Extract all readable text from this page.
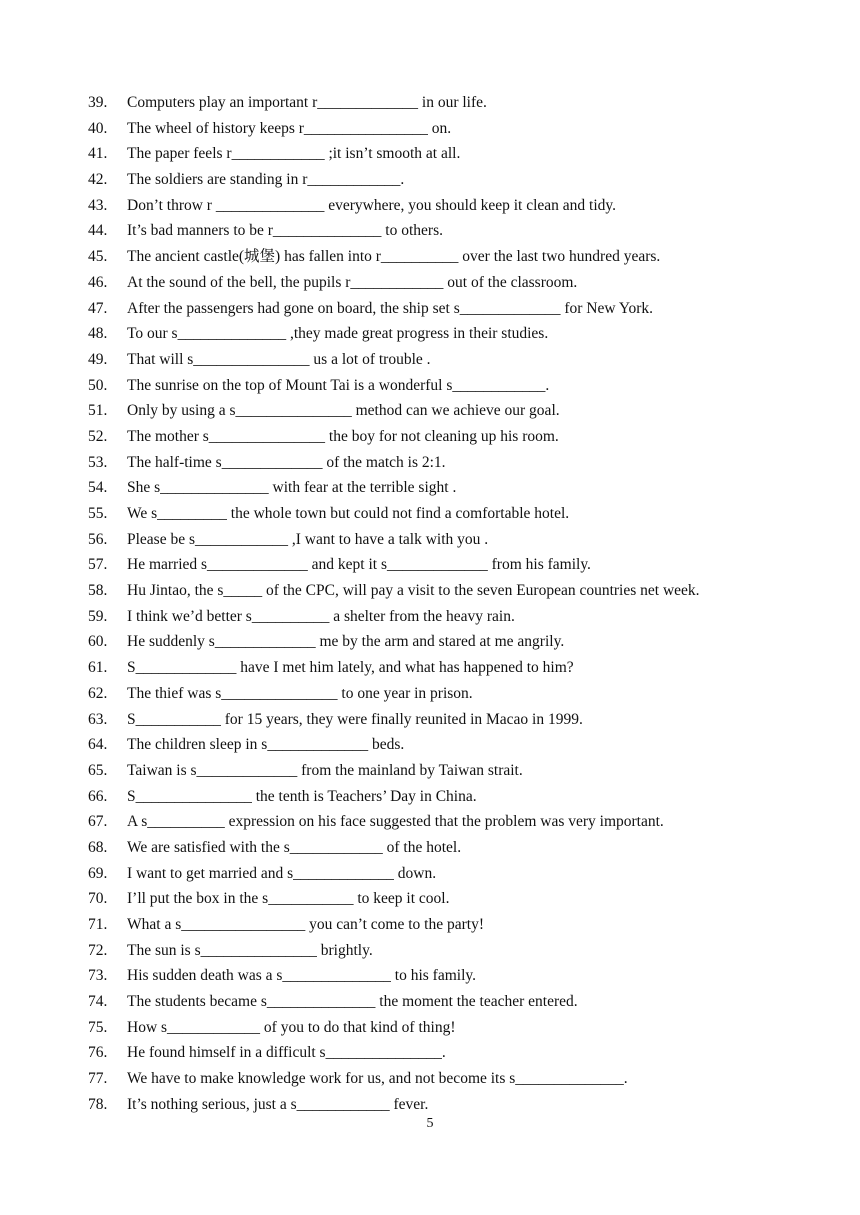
39.	Computers play an important r_____________ in our life.
40.	The wheel of history keeps r________________ on.
41.	The paper feels r____________ ;it isn’t smooth at all.
42.	The soldiers are standing in r____________.
43.	Don’t throw r ______________ everywhere, you should keep it clean and tidy.
44.	It’s bad manners to be r______________ to others.
45.	The ancient castle(城堡) has fallen into r__________ over the last two hundred years.
46.	At the sound of the bell, the pupils r____________ out of the classroom.
47.	After the passengers had gone on board, the ship set s_____________ for New York.
48.	To our s______________ ,they made great progress in their studies.
49.	That will s_______________ us a lot of trouble .
50.	The sunrise on the top of Mount Tai is a wonderful s____________.
51.	Only by using a s_______________ method can we achieve our goal.
52.	The mother s_______________ the boy for not cleaning up his room.
53.	The half-time s_____________ of the match is 2:1.
54.	She s______________ with fear at the terrible sight .
55.	We s_________ the whole town but could not find a comfortable hotel.
56.	Please be s____________ ,I want to have a talk with you .
57.	He married s_____________ and kept it s_____________ from his family.
58.	Hu Jintao, the s_____ of the CPC, will pay a visit to the seven European countries net week.
59.	I think we’d better s__________ a shelter from the heavy rain.
60.	He suddenly s_____________ me by the arm and stared at me angrily.
61.	S_____________ have I met him lately, and what has happened to him?
62.	The thief was s_______________ to one year in prison.
63.	S___________ for 15 years, they were finally reunited in Macao in 1999.
64.	The children sleep in s_____________ beds.
65.	Taiwan is s_____________ from the mainland by Taiwan strait.
66.	S_______________ the tenth is Teachers’ Day in China.
67.	A s__________ expression on his face suggested that the problem was very important.
68.	We are satisfied with the s____________ of the hotel.
69.	I want to get married and s_____________ down.
70.	I’ll put the box in the s___________ to keep it cool.
71.	What a s________________ you can’t come to the party!
72.	The sun is s_______________ brightly.
73.	His sudden death was a s______________ to his family.
74.	The students became s______________ the moment the teacher entered.
75.	How s____________ of you to do that kind of thing!
76.	He found himself in a difficult s_______________.
77.	We have to make knowledge work for us, and not become its s______________.
78.	It’s nothing serious, just a s____________ fever.
5
